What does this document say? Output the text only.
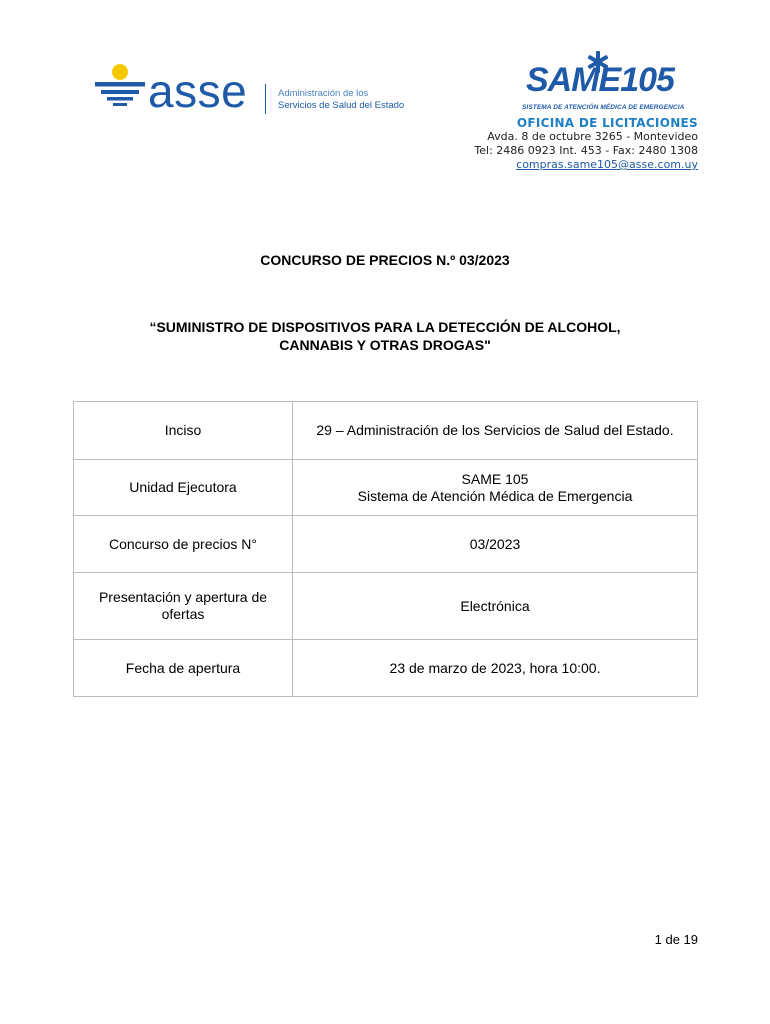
asse	Administración de los
Servicios de Salud del Estado
SAME105
SISTEMA DE ATENCIÓN MÉDICA DE EMERGENCIA
OFICINA DE LICITACIONES
Avda. 8 de octubre 3265 - Montevideo
Tel: 2486 0923 Int. 453 - Fax: 2480 1308
compras.same105@asse.com.uy
CONCURSO DE PRECIOS N.º 03/2023
“SUMINISTRO DE DISPOSITIVOS PARA LA DETECCIÓN DE ALCOHOL,
CANNABIS Y OTRAS DROGAS"
Inciso	29 – Administración de los Servicios de Salud del Estado.
Unidad Ejecutora	SAME 105
Sistema de Atención Médica de Emergencia

Concurso de precios N°	03/2023

Presentación y apertura de
ofertas	Electrónica
Fecha de apertura	23 de marzo de 2023, hora 10:00.
1 de 19
